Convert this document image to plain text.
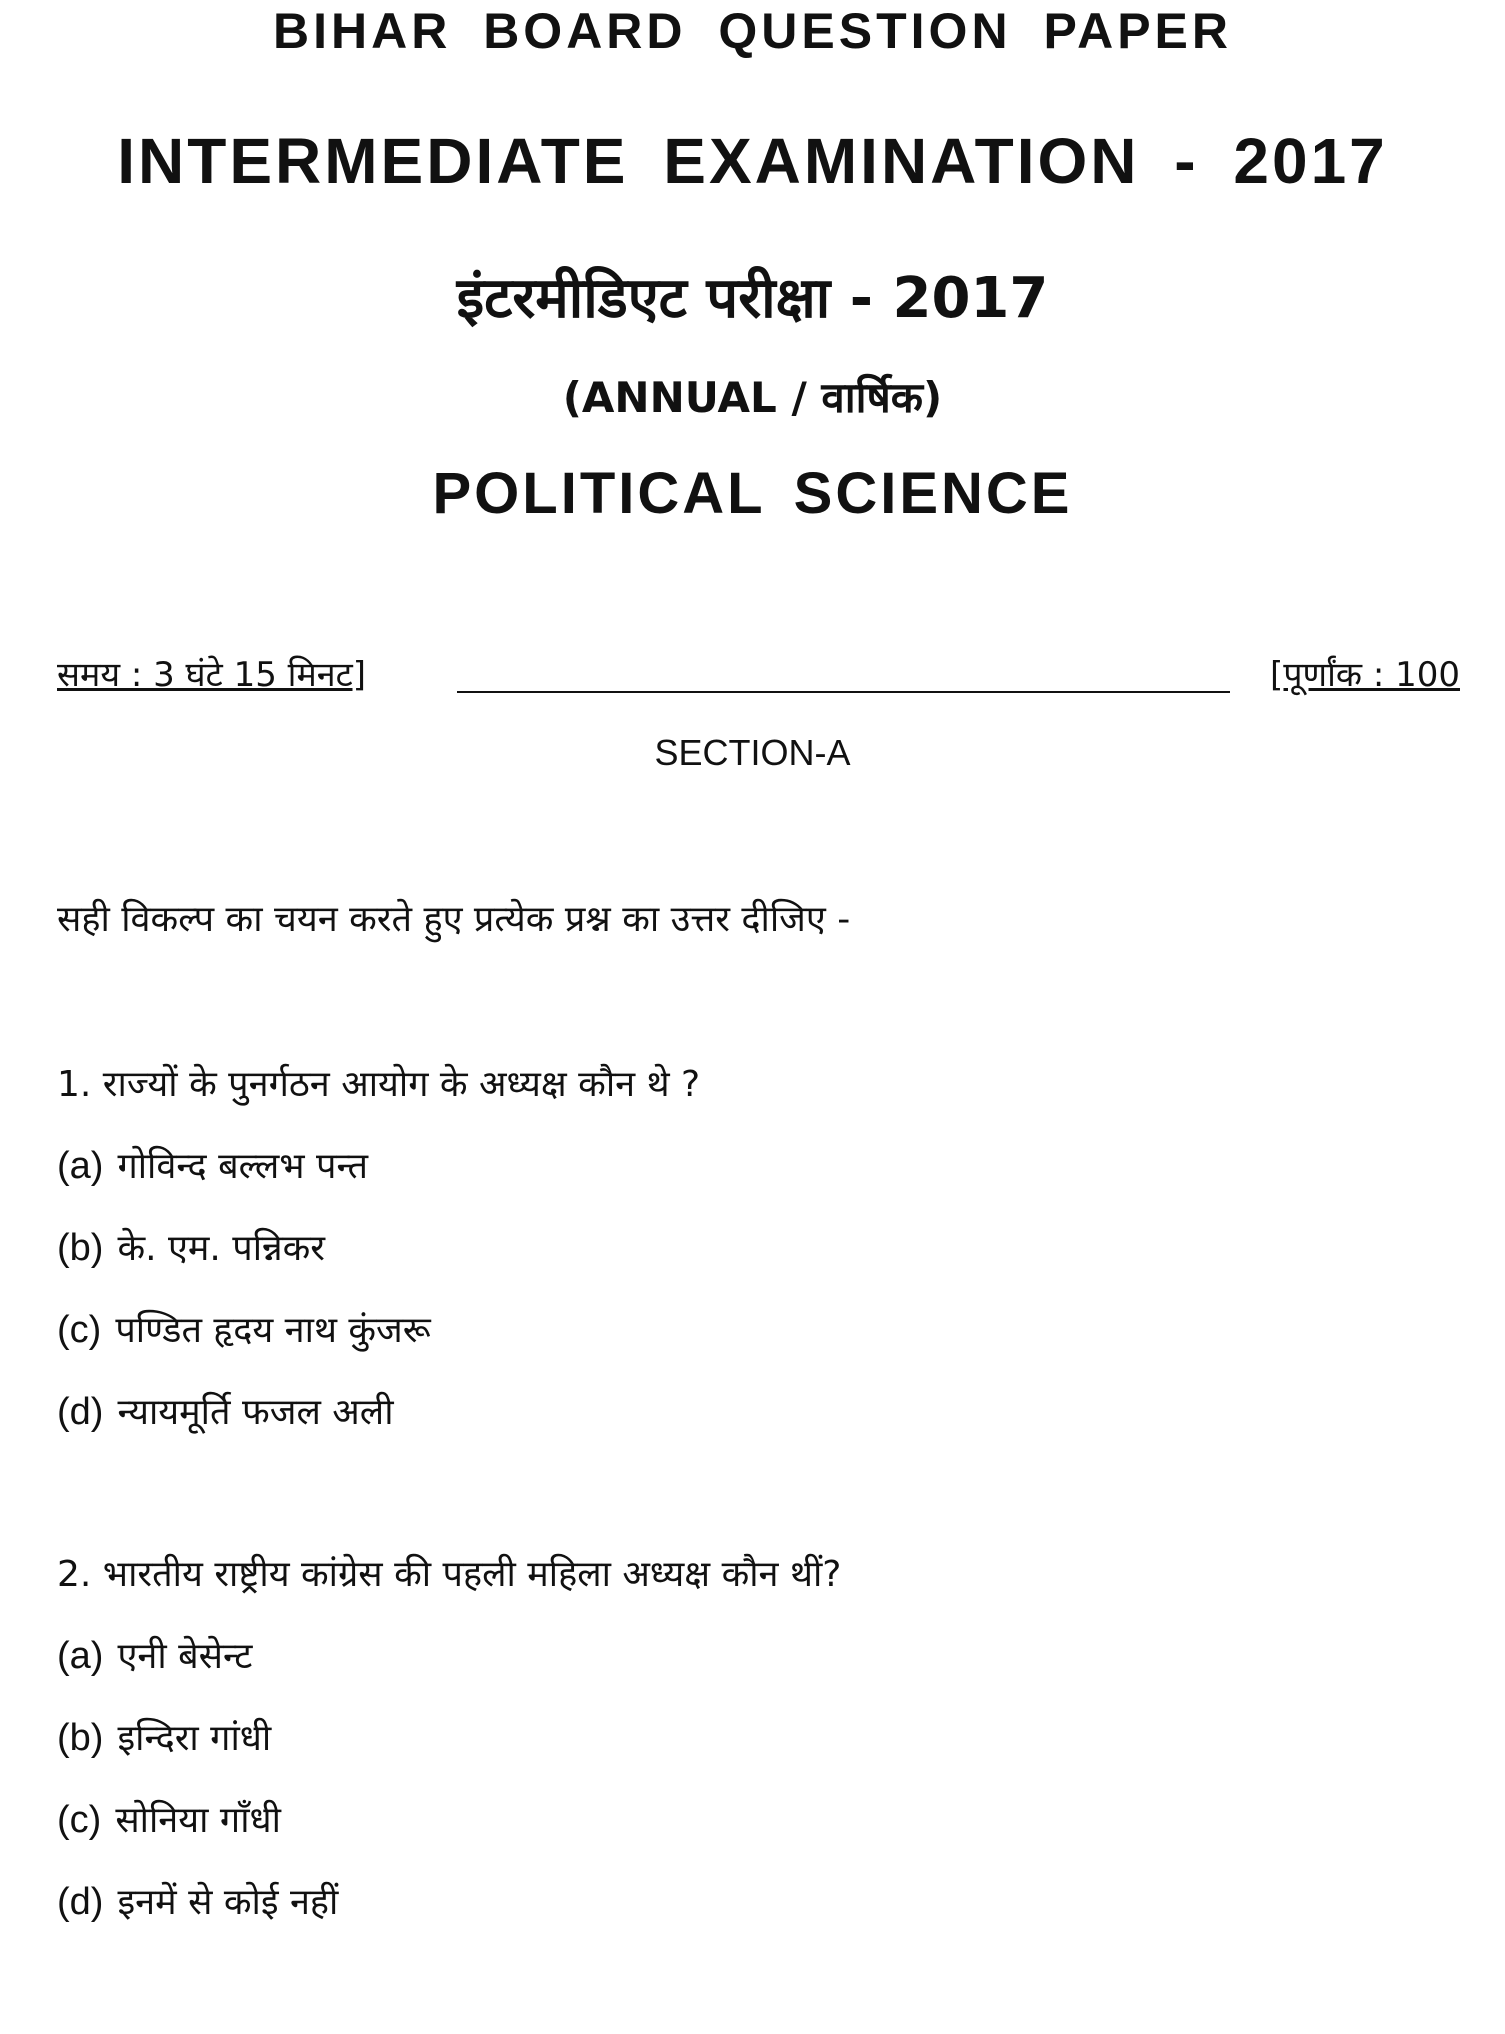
BIHAR BOARD QUESTION PAPER
INTERMEDIATE EXAMINATION - 2017
इंटरमीडिएट परीक्षा - 2017
(ANNUAL / वार्षिक)
POLITICAL SCIENCE
समय : 3 घंटे 15 मिनट]	[पूर्णांक : 100
SECTION-A
सही विकल्प का चयन करते हुए प्रत्येक प्रश्न का उत्तर दीजिए -
1. राज्यों के पुनर्गठन आयोग के अध्यक्ष कौन थे ?
(a) गोविन्द बल्लभ पन्त
(b) के. एम. पन्निकर
(c) पण्डित हृदय नाथ कुंजरू
(d) न्यायमूर्ति फजल अली
2. भारतीय राष्ट्रीय कांग्रेस की पहली महिला अध्यक्ष कौन थीं?
(a) एनी बेसेन्ट
(b) इन्दिरा गांधी
(c) सोनिया गाँधी
(d) इनमें से कोई नहीं
